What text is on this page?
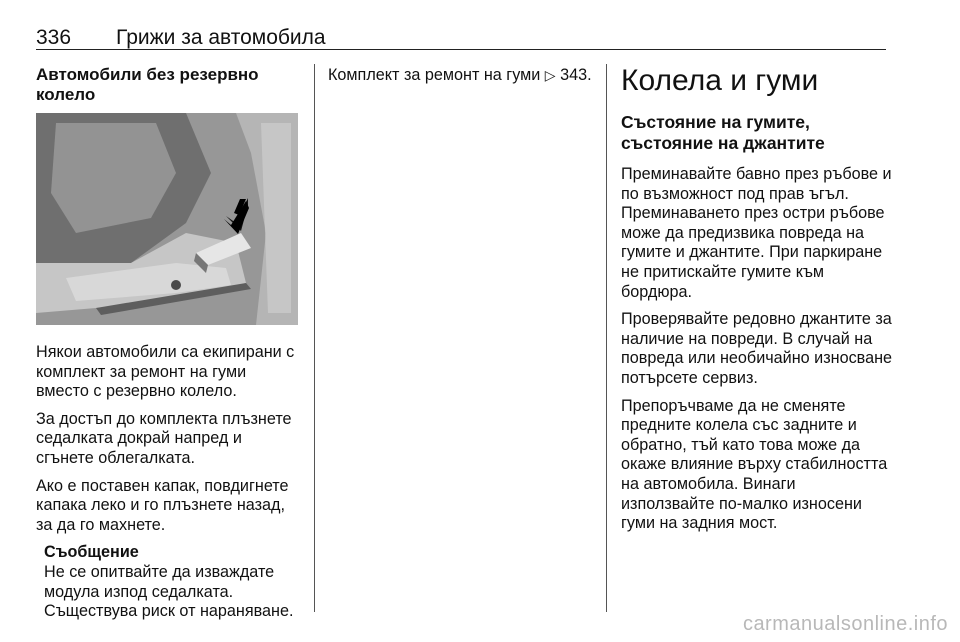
336 Грижи за автомобила
Автомобили без резервно колело

Някои автомобили са екипирани с комплект за ремонт на гуми вместо с резервно колело.

За достъп до комплекта плъзнете седалката докрай напред и сгънете облегалката.

Ако е поставен капак, повдигнете капака леко и го плъзнете назад, за да го махнете.

Съобщение
Не се опитвайте да изваждате модула изпод седалката. Съществува риск от нараняване.
Комплект за ремонт на гуми ▷ 343. Колела и гуми
Състояние на гумите, състояние на джантите

Преминавайте бавно през ръбове и по възможност под прав ъгъл. Преминаването през остри ръбове може да предизвика повреда на гумите и джантите. При паркиране не притискайте гумите към бордюра.

Проверявайте редовно джантите за наличие на повреди. В случай на повреда или необичайно износване потърсете сервиз.

Препоръчваме да не сменяте предните колела със задните и обратно, тъй като това може да окаже влияние върху стабилността на автомобила. Винаги използвайте по-малко износени гуми на задния мост.

carmanualsonline.info
